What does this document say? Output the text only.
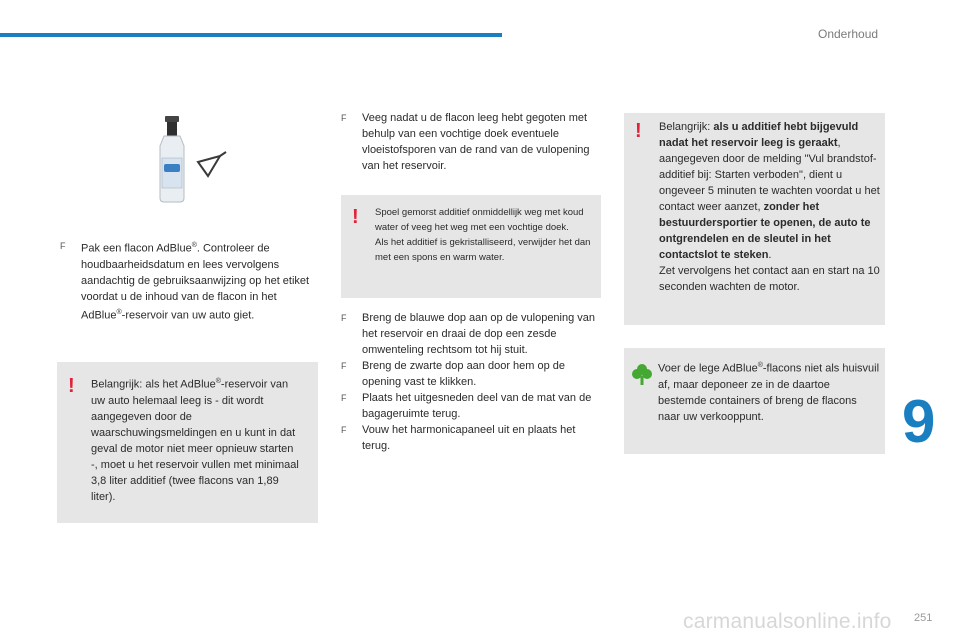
Onderhoud
9
251
F	Pak een flacon AdBlue®. Controleer de houdbaarheidsdatum en lees vervolgens aandachtig de gebruiksaanwijzing op het etiket voordat u de inhoud van de flacon in het AdBlue®-reservoir van uw auto giet.
! Belangrijk: als het AdBlue®-reservoir van uw auto helemaal leeg is - dit wordt aangegeven door de waarschuwingsmeldingen en u kunt in dat geval de motor niet meer opnieuw starten -, moet u het reservoir vullen met minimaal 3,8 liter additief (twee flacons van 1,89 liter).
F	Veeg nadat u de flacon leeg hebt gegoten met behulp van een vochtige doek eventuele vloeistofsporen van de rand van de vulopening van het reservoir.
! Spoel gemorst additief onmiddellijk weg met koud water of veeg het weg met een vochtige doek.
Als het additief is gekristalliseerd, verwijder het dan met een spons en warm water.
F	Breng de blauwe dop aan op de vulopening van het reservoir en draai de dop een zesde omwenteling rechtsom tot hij stuit.
F	Breng de zwarte dop aan door hem op de opening vast te klikken.
F	Plaats het uitgesneden deel van de mat van de bagageruimte terug.
F	Vouw het harmonicapaneel uit en plaats het terug.
! Belangrijk: als u additief hebt bijgevuld nadat het reservoir leeg is geraakt, aangegeven door de melding "Vul brandstof- additief bij: Starten verboden", dient u ongeveer 5 minuten te wachten voordat u het contact weer aanzet, zonder het bestuurdersportier te openen, de auto te ontgrendelen en de sleutel in het contactslot te steken.
Zet vervolgens het contact aan en start na 10 seconden wachten de motor.
Voer de lege AdBlue®-flacons niet als huisvuil af, maar deponeer ze in de daartoe bestemde containers of breng de flacons naar uw verkooppunt.
carmanualsonline.info
